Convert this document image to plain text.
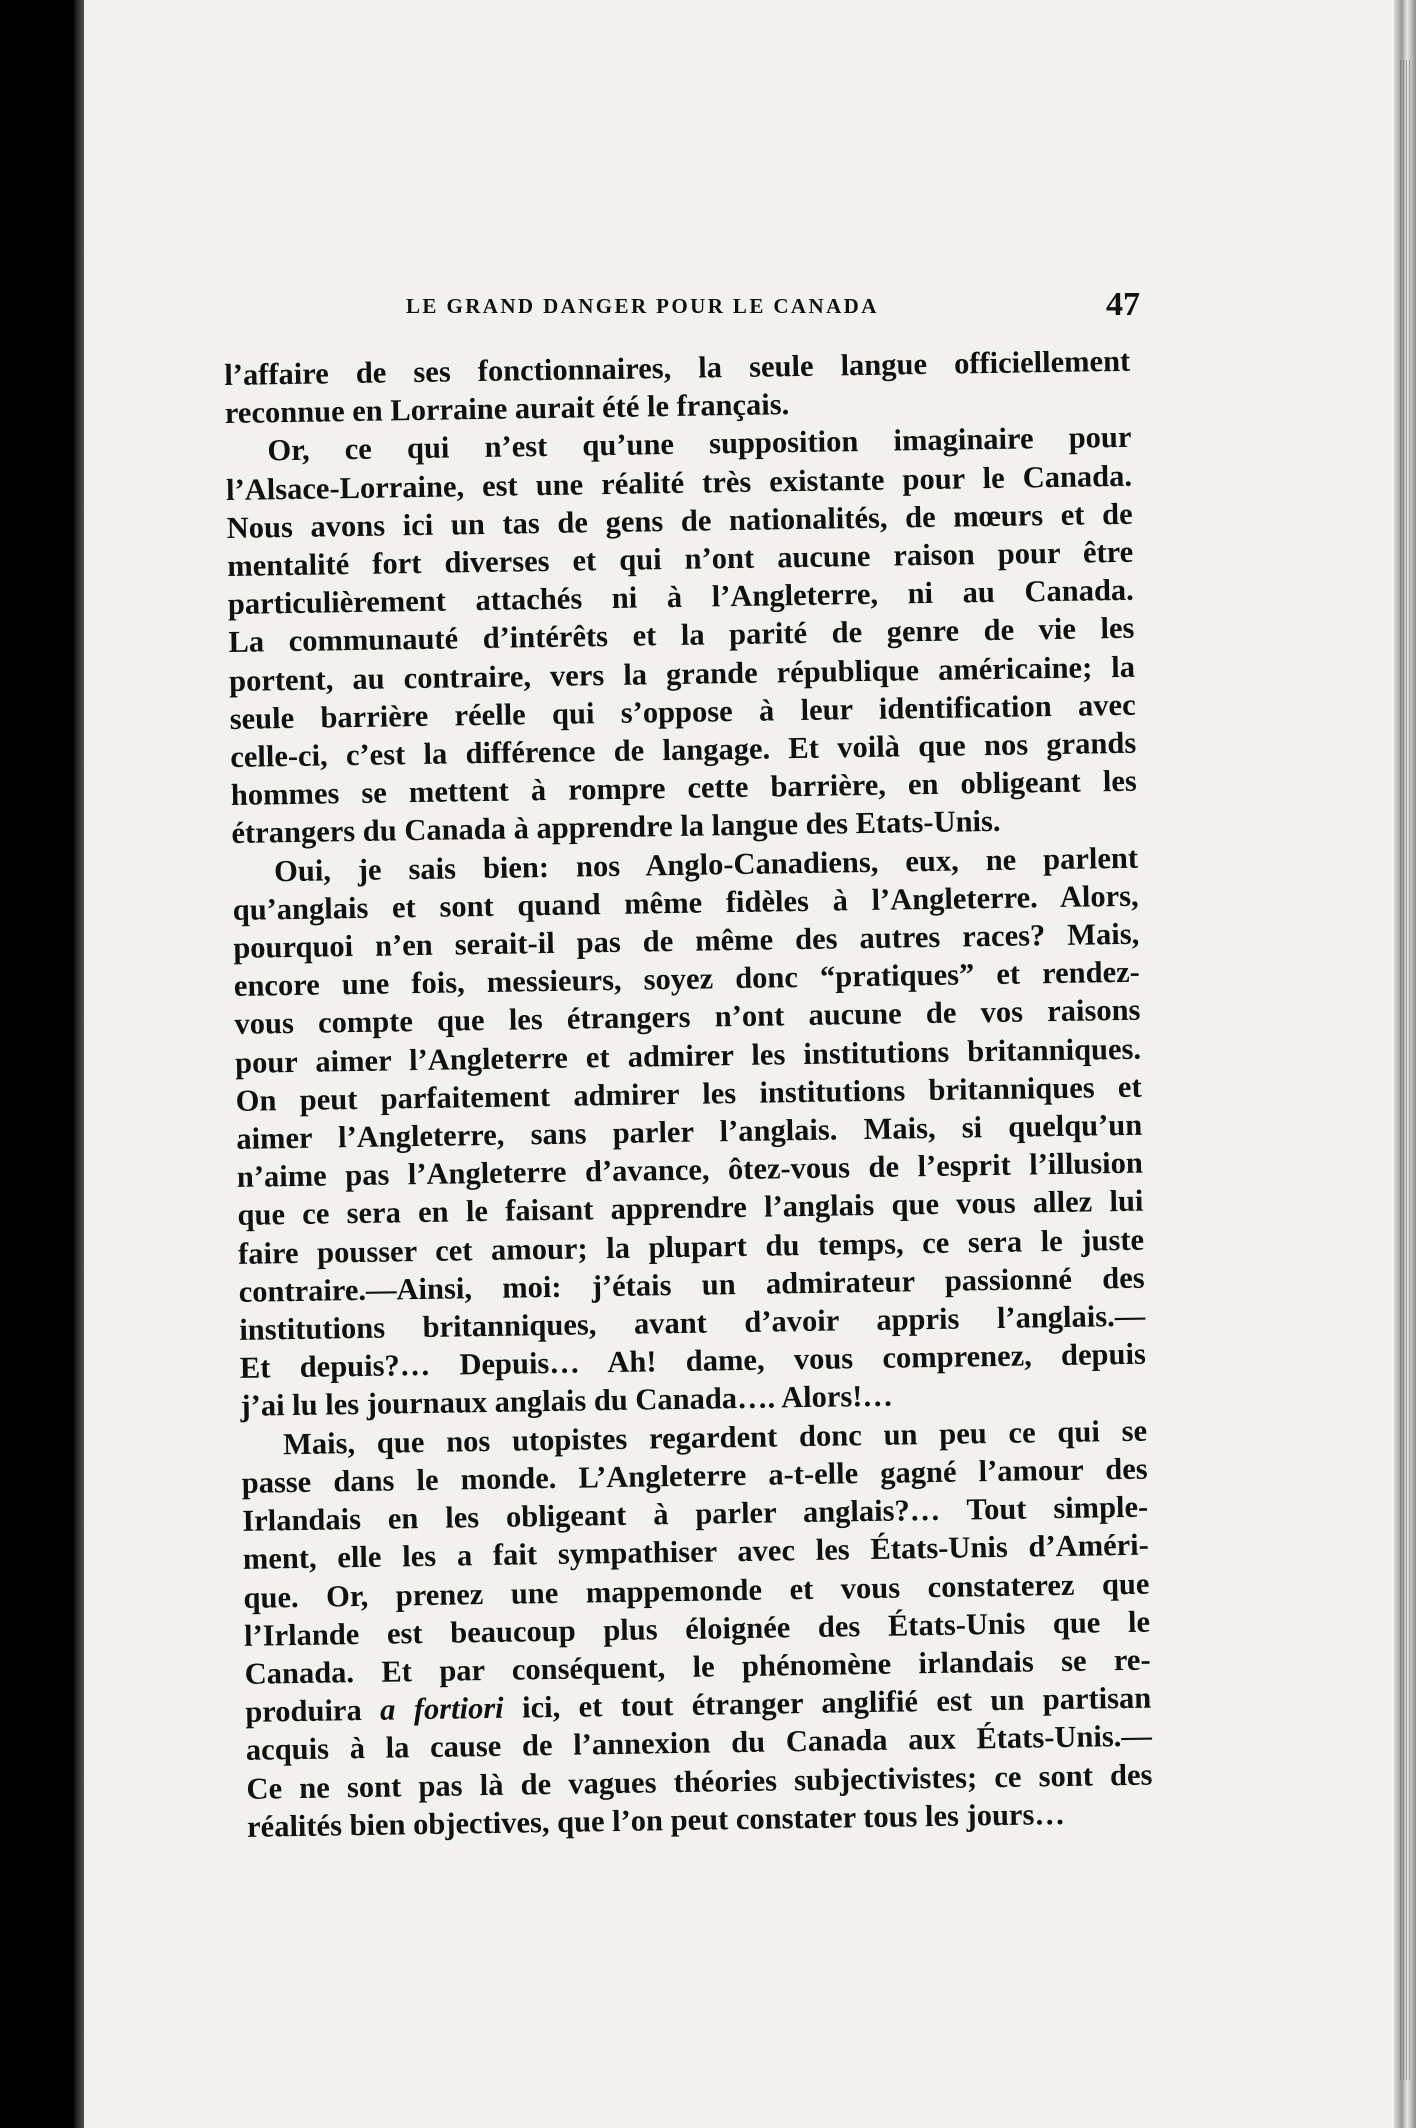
LE GRAND DANGER POUR LE CANADA	47
l’affaire de ses fonctionnaires, la seule langue officiellement
reconnue en Lorraine aurait été le français.
Or, ce qui n’est qu’une supposition imaginaire pour
l’Alsace-Lorraine, est une réalité très existante pour le Canada.
Nous avons ici un tas de gens de nationalités, de mœurs et de
mentalité fort diverses et qui n’ont aucune raison pour être
particulièrement attachés ni à l’Angleterre, ni au Canada.
La communauté d’intérêts et la parité de genre de vie les
portent, au contraire, vers la grande république américaine; la
seule barrière réelle qui s’oppose à leur identification avec
celle-ci, c’est la différence de langage. Et voilà que nos grands
hommes se mettent à rompre cette barrière, en obligeant les
étrangers du Canada à apprendre la langue des Etats-Unis.
Oui, je sais bien: nos Anglo-Canadiens, eux, ne parlent
qu’anglais et sont quand même fidèles à l’Angleterre. Alors,
pourquoi n’en serait-il pas de même des autres races? Mais,
encore une fois, messieurs, soyez donc “pratiques” et rendez-
vous compte que les étrangers n’ont aucune de vos raisons
pour aimer l’Angleterre et admirer les institutions britanniques.
On peut parfaitement admirer les institutions britanniques et
aimer l’Angleterre, sans parler l’anglais. Mais, si quelqu’un
n’aime pas l’Angleterre d’avance, ôtez-vous de l’esprit l’illusion
que ce sera en le faisant apprendre l’anglais que vous allez lui
faire pousser cet amour; la plupart du temps, ce sera le juste
contraire.—Ainsi, moi: j’étais un admirateur passionné des
institutions britanniques, avant d’avoir appris l’anglais.—
Et depuis?… Depuis… Ah! dame, vous comprenez, depuis
j’ai lu les journaux anglais du Canada…. Alors!…
Mais, que nos utopistes regardent donc un peu ce qui se
passe dans le monde. L’Angleterre a-t-elle gagné l’amour des
Irlandais en les obligeant à parler anglais?… Tout simple-
ment, elle les a fait sympathiser avec les États-Unis d’Améri-
que. Or, prenez une mappemonde et vous constaterez que
l’Irlande est beaucoup plus éloignée des États-Unis que le
Canada. Et par conséquent, le phénomène irlandais se re-
produira a fortiori ici, et tout étranger anglifié est un partisan
acquis à la cause de l’annexion du Canada aux États-Unis.—
Ce ne sont pas là de vagues théories subjectivistes; ce sont des
réalités bien objectives, que l’on peut constater tous les jours…
